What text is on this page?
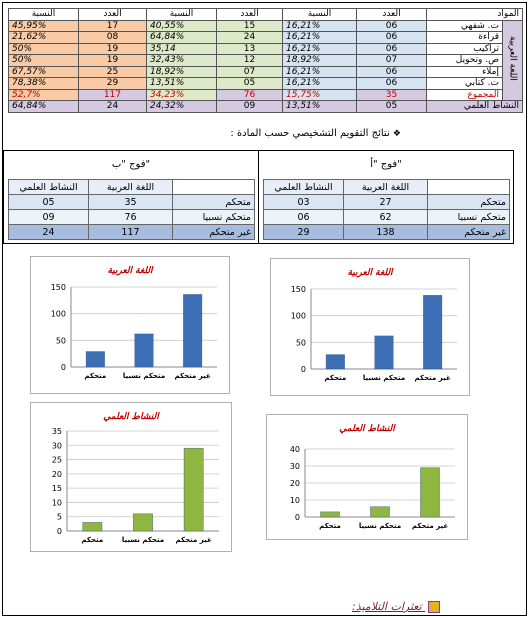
النسبة	العدد	النسبة	العدد	النسبة	العدد	المواد	
45,95%	17	40,55%	15	16,21%	06	ت. شفهي	اللغة العربية
21,62%	08	64,84%	24	16,21%	06	قراءة	
50%	19	35,14	13	16,21%	06	تراكيب	
50%	19	32,43%	12	18,92%	07	ص. وتحويل	
67,57%	25	18,92%	07	16,21%	06	إملاء	
78,38%	29	13,51%	05	16,21%	06	ت. كتابي	
52,7%	117	34,23%	76	15,75%	35	المجموع	
64,84%	24	24,32%	09	13,51%	05	النشاط العلمي	
❖ نتائج التقويم التشخيصي حسب المادة :
فوج "أ"
النشاط العلمي	اللغة العربية	
03	27	متحكم
06	62	متحكم نسبيا
29	138	غير متحكم
فوج "ب"
النشاط العلمي	اللغة العربية	
05	35	متحكم
09	76	متحكم نسبيا
24	117	غير متحكم
اللغة العربية
0
50
100
150
متحكم متحكم نسبيا غير متحكم
اللغة العربية
0
50
100
150
متحكم متحكم نسبيا غير متحكم
النشاط العلمي
0
10
20
30
40
متحكم	متحكم نسبيا غير متحكم
النشاط العلمي
0
5
10
15
20
25
30
35
متحكم	متحكم نسبيا غير متحكم
تعثرات التلاميذ:
